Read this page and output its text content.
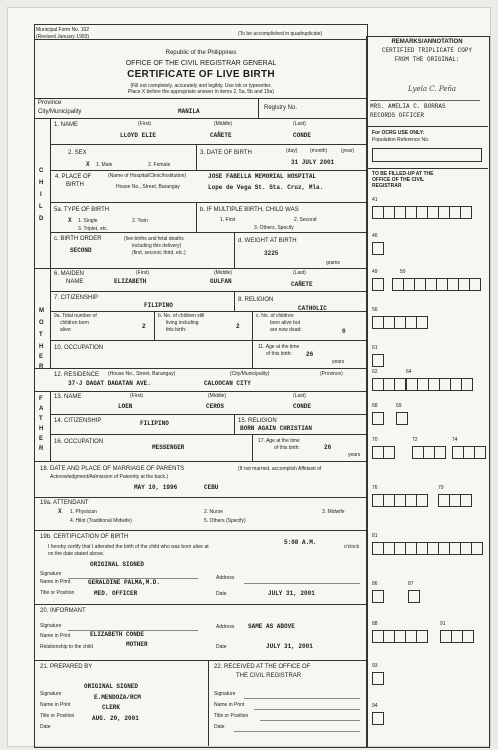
Municipal Form No. 102
(Revised January 1993)	(To be accomplished in quadruplicate)
Republic of the Philippines
OFFICE OF THE CIVIL REGISTRAR GENERAL
CERTIFICATE OF LIVE BIRTH
(Fill out completely, accurately and legibly. Use ink or typewriter.
Place X before the appropriate answer in items 2, 5a, 5b and 19a)
Province
City/Municipality	MANILA	Registry No.
C
H
I
L
D
1. NAME	(First)	(Middle)	(Last)
LLOYD ELIE	CAÑETE	CONDE
2. SEX
X 1. Male	2. Female
3. DATE OF BIRTH	(day)	(month)	(year)
31 JULY 2001
4. PLACE OF
BIRTH
(Name of Hospital/Clinic/Institution)
House No., Street, Barangay
JOSE FABELLA MEMORIAL HOSPITAL
Lope de Vega St. Sta. Cruz, Mla.
5a. TYPE OF BIRTH
X 1. Single	2. Twin
3. Triplet, etc.
b. IF MULTIPLE BIRTH, CHILD WAS
1. First	2. Second
3. Others, Specify
c. BIRTH ORDER	(live births and fetal deaths
including this delivery)
(first, second, third, etc.)
SECOND
d. WEIGHT AT BIRTH
3225
grams
M
O
T
H
E
R
6. MAIDEN
NAME
(First)	(Middle)	(Last)
ELIZABETH	GULFAN	CAÑETE
7. CITIZENSHIP
FILIPINO
8. RELIGION
CATHOLIC
9a. Total number of
children born
alive:	2
b. No. of children still
living including
this birth:	2
c. No. of children
born alive but
are now dead:	0
10. OCCUPATION	11. Age at the time
of this birth: 26
years
12. RESIDENCE (House No., Street, Barangay)	(City/Municipality)	(Province)
37-J DAGAT DAGATAN AVE.	CALOOCAN CITY
F
A
T
H
E
R
13. NAME	(First)	(Middle)	(Last)
LOEN	CEROS	CONDE
14. CITIZENSHIP	FILIPINO	15. RELIGION
BORN AGAIN CHRISTIAN
16. OCCUPATION
MESSENGER
17. Age at the time
of this birth:	26
years
18. DATE AND PLACE OF MARRIAGE OF PARENTS	(If not married, accomplish Affidavit of
Acknowledgment/Admission of Paternity at the back.)
MAY 10, 1996	CEBU
19a. ATTENDANT
X 1. Physician	2. Nurse	3. Midwife
4. Hilot (Traditional Midwife)	5. Others (Specify)
19b. CERTIFICATION OF BIRTH
I hereby certify that I attended the birth of the child who was born alive at
on the date stated above.
5:08 A.M.
o'clock
Signature
ORIGINAL SIGNED
Name in Print	GERALDINE PALMA,M.D.
Title or Position	MED. OFFICER
Address
Date	JULY 31, 2001
20. INFORMANT
Signature
Name in Print	ELIZABETH CONDE
Relationship to the child	MOTHER
Address SAME AS ABOVE
Date	JULY 31, 2001
21. PREPARED BY
Signature
ORIGINAL SIGNED
Name in Print
E.MENDOZA/RCM
Title or Position
CLERK
Date
AUG. 20, 2001
22. RECEIVED AT THE OFFICE OF
THE CIVIL REGISTRAR
Signature
Name in Print
Title or Position
Date
REMARKS/ANNOTATION
CERTIFIED TRIPLICATE COPY
FROM THE ORIGINAL:
Lyela C. Peña
MRS. AMELIA C. BORRAS
RECORDS OFFICER
For OCRG USE ONLY:
Population Reference No.
TO BE FILLED-UP AT THE
OFFICE OF THE CIVIL
REGISTRAR
41
46
49	50
56
61
62	64
68	69
70	72	74
76	79
81
86	87
88	91
93
94
